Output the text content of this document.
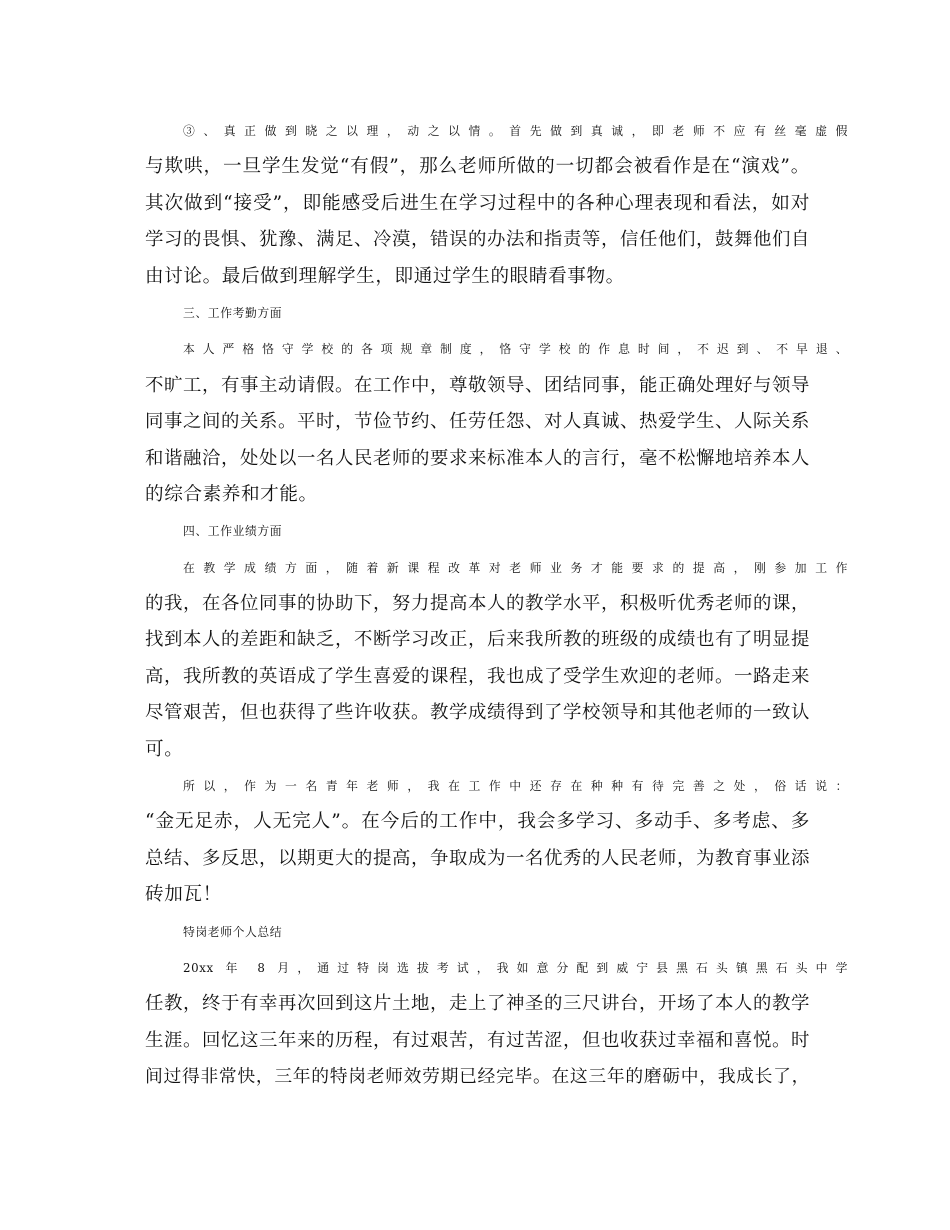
③、真正做到晓之以理，动之以情。首先做到真诚，即老师不应有丝毫虚假
与欺哄，一旦学生发觉“有假”，那么老师所做的一切都会被看作是在“演戏”。
其次做到“接受”，即能感受后进生在学习过程中的各种心理表现和看法，如对
学习的畏惧、犹豫、满足、冷漠，错误的办法和指责等，信任他们，鼓舞他们自
由讨论。最后做到理解学生，即通过学生的眼睛看事物。
三、工作考勤方面
本人严格恪守学校的各项规章制度，恪守学校的作息时间，不迟到、不早退、
不旷工，有事主动请假。在工作中，尊敬领导、团结同事，能正确处理好与领导
同事之间的关系。平时，节俭节约、任劳任怨、对人真诚、热爱学生、人际关系
和谐融洽，处处以一名人民老师的要求来标准本人的言行，毫不松懈地培养本人
的综合素养和才能。
四、工作业绩方面
在教学成绩方面，随着新课程改革对老师业务才能要求的提高，刚参加工作
的我，在各位同事的协助下，努力提高本人的教学水平，积极听优秀老师的课，
找到本人的差距和缺乏，不断学习改正，后来我所教的班级的成绩也有了明显提
高，我所教的英语成了学生喜爱的课程，我也成了受学生欢迎的老师。一路走来
尽管艰苦，但也获得了些许收获。教学成绩得到了学校领导和其他老师的一致认
可。
所以，作为一名青年老师，我在工作中还存在种种有待完善之处，俗话说：
“金无足赤，人无完人”。在今后的工作中，我会多学习、多动手、多考虑、多
总结、多反思，以期更大的提高，争取成为一名优秀的人民老师，为教育事业添
砖加瓦！
特岗老师个人总结
20xx 年 8 月，通过特岗选拔考试，我如意分配到威宁县黑石头镇黑石头中学
任教，终于有幸再次回到这片土地，走上了神圣的三尺讲台，开场了本人的教学
生涯。回忆这三年来的历程，有过艰苦，有过苦涩，但也收获过幸福和喜悦。时
间过得非常快，三年的特岗老师效劳期已经完毕。在这三年的磨砺中，我成长了，
